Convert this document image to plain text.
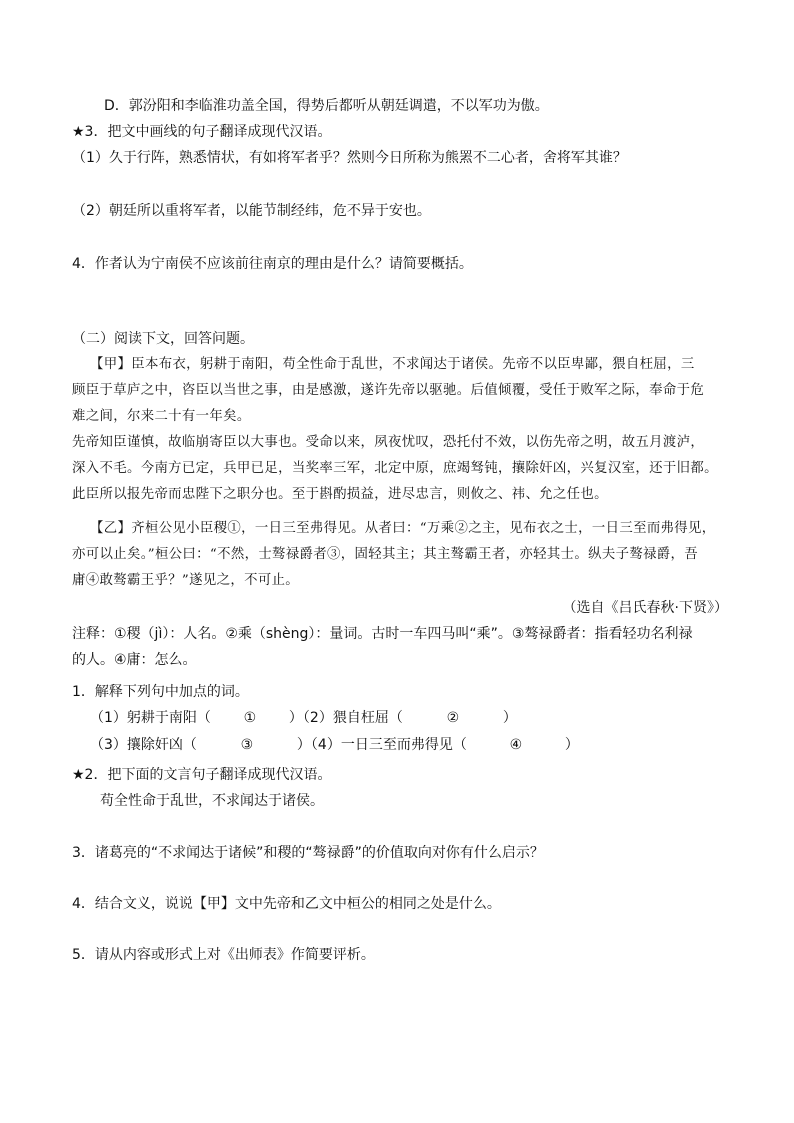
D．郭汾阳和李临淮功盖全国，得势后都听从朝廷调遣，不以军功为傲。
★3．把文中画线的句子翻译成现代汉语。
（1）久于行阵，熟悉情状，有如将军者乎？然则今日所称为熊罴不二心者，舍将军其谁？
（2）朝廷所以重将军者，以能节制经纬，危不异于安也。
4．作者认为宁南侯不应该前往南京的理由是什么？请简要概括。
（二）阅读下文，回答问题。
【甲】臣本布衣，躬耕于南阳，苟全性命于乱世，不求闻达于诸侯。先帝不以臣卑鄙，猥自枉屈，三
顾臣于草庐之中，咨臣以当世之事，由是感激，遂许先帝以驱驰。后值倾覆，受任于败军之际，奉命于危
难之间，尔来二十有一年矣。
先帝知臣谨慎，故临崩寄臣以大事也。受命以来，夙夜忧叹，恐托付不效，以伤先帝之明，故五月渡泸，
深入不毛。今南方已定，兵甲已足，当奖率三军，北定中原，庶竭驽钝，攘除奸凶，兴复汉室，还于旧都。
此臣所以报先帝而忠陛下之职分也。至于斟酌损益，进尽忠言，则攸之、祎、允之任也。
【乙】齐桓公见小臣稷①，一日三至弗得见。从者曰：“万乘②之主，见布衣之士，一日三至而弗得见，
亦可以止矣。”桓公曰：“不然，士骜禄爵者③，固轻其主；其主骜霸王者，亦轻其士。纵夫子骜禄爵，吾
庸④敢骜霸王乎？”遂见之，不可止。
（选自《吕氏春秋·下贤》）
注释：①稷（jì）：人名。②乘（shèng）：量词。古时一车四马叫“乘”。③骜禄爵者：指看轻功名利禄
的人。④庸：怎么。
1．解释下列句中加点的词。
（1）躬耕于南阳（ ① ）（2）猥自枉屈（	②	）
（3）攘除奸凶（	③	）（4）一日三至而弗得见（	④	）
★2．把下面的文言句子翻译成现代汉语。
苟全性命于乱世，不求闻达于诸侯。
3．诸葛亮的“不求闻达于诸候”和稷的“骜禄爵”的价值取向对你有什么启示？
4．结合文义，说说【甲】文中先帝和乙文中桓公的相同之处是什么。
5．请从内容或形式上对《出师表》作简要评析。
